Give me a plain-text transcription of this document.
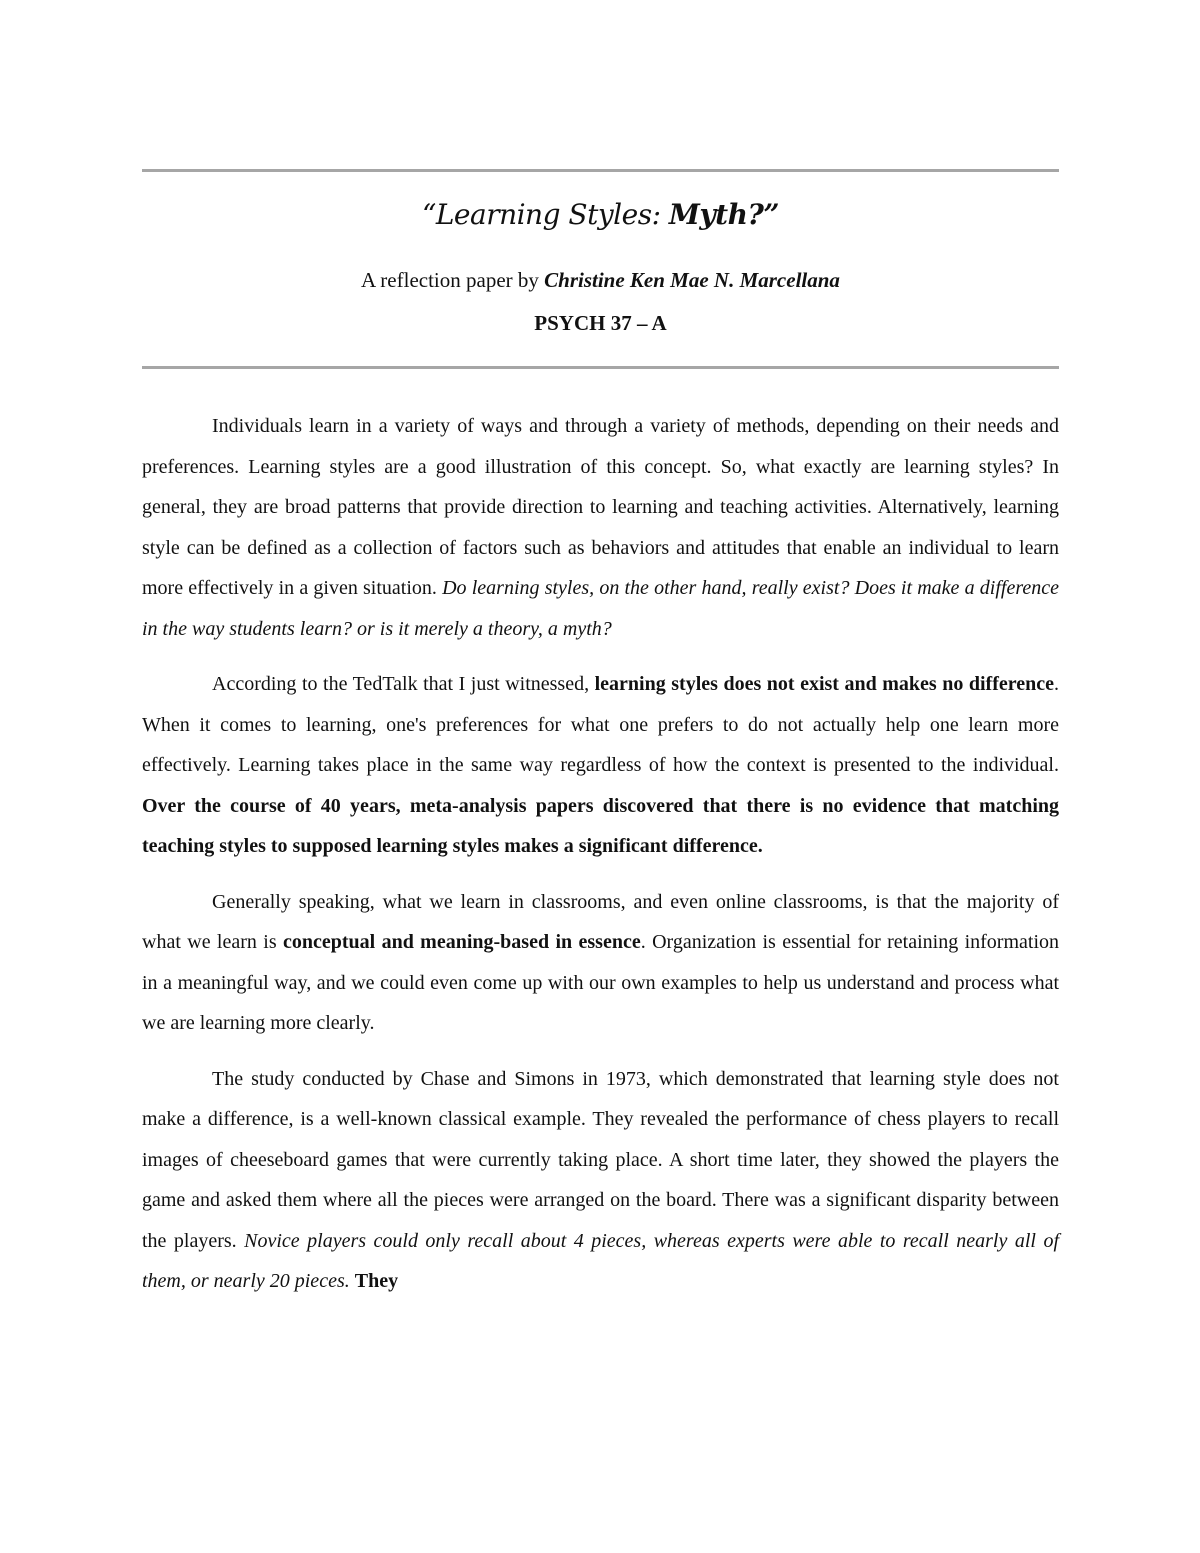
“Learning Styles: Myth?”
A reflection paper by Christine Ken Mae N. Marcellana
PSYCH 37 – A

Individuals learn in a variety of ways and through a variety of methods, depending on their needs and preferences. Learning styles are a good illustration of this concept. So, what exactly are learning styles? In general, they are broad patterns that provide direction to learning and teaching activities. Alternatively, learning style can be defined as a collection of factors such as behaviors and attitudes that enable an individual to learn more effectively in a given situation. Do learning styles, on the other hand, really exist? Does it make a difference in the way students learn? or is it merely a theory, a myth?

According to the TedTalk that I just witnessed, learning styles does not exist and makes no difference. When it comes to learning, one's preferences for what one prefers to do not actually help one learn more effectively. Learning takes place in the same way regardless of how the context is presented to the individual. Over the course of 40 years, meta-analysis papers discovered that there is no evidence that matching teaching styles to supposed learning styles makes a significant difference.

Generally speaking, what we learn in classrooms, and even online classrooms, is that the majority of what we learn is conceptual and meaning-based in essence. Organization is essential for retaining information in a meaningful way, and we could even come up with our own examples to help us understand and process what we are learning more clearly.

The study conducted by Chase and Simons in 1973, which demonstrated that learning style does not make a difference, is a well-known classical example. They revealed the performance of chess players to recall images of cheeseboard games that were currently taking place. A short time later, they showed the players the game and asked them where all the pieces were arranged on the board. There was a significant disparity between the players. Novice players could only recall about 4 pieces, whereas experts were able to recall nearly all of them, or nearly 20 pieces. They
